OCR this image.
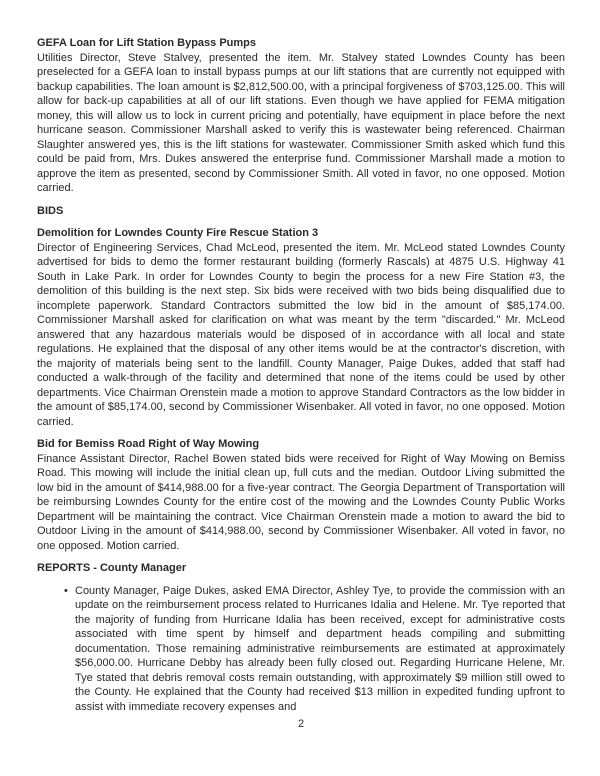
GEFA Loan for Lift Station Bypass Pumps
Utilities Director, Steve Stalvey, presented the item. Mr. Stalvey stated Lowndes County has been preselected for a GEFA loan to install bypass pumps at our lift stations that are currently not equipped with backup capabilities. The loan amount is $2,812,500.00, with a principal forgiveness of $703,125.00. This will allow for back-up capabilities at all of our lift stations. Even though we have applied for FEMA mitigation money, this will allow us to lock in current pricing and potentially, have equipment in place before the next hurricane season. Commissioner Marshall asked to verify this is wastewater being referenced. Chairman Slaughter answered yes, this is the lift stations for wastewater. Commissioner Smith asked which fund this could be paid from, Mrs. Dukes answered the enterprise fund. Commissioner Marshall made a motion to approve the item as presented, second by Commissioner Smith. All voted in favor, no one opposed. Motion carried.
BIDS
Demolition for Lowndes County Fire Rescue Station 3
Director of Engineering Services, Chad McLeod, presented the item. Mr. McLeod stated Lowndes County advertised for bids to demo the former restaurant building (formerly Rascals) at 4875 U.S. Highway 41 South in Lake Park. In order for Lowndes County to begin the process for a new Fire Station #3, the demolition of this building is the next step. Six bids were received with two bids being disqualified due to incomplete paperwork. Standard Contractors submitted the low bid in the amount of $85,174.00. Commissioner Marshall asked for clarification on what was meant by the term "discarded." Mr. McLeod answered that any hazardous materials would be disposed of in accordance with all local and state regulations. He explained that the disposal of any other items would be at the contractor's discretion, with the majority of materials being sent to the landfill. County Manager, Paige Dukes, added that staff had conducted a walk-through of the facility and determined that none of the items could be used by other departments. Vice Chairman Orenstein made a motion to approve Standard Contractors as the low bidder in the amount of $85,174.00, second by Commissioner Wisenbaker. All voted in favor, no one opposed. Motion carried.
Bid for Bemiss Road Right of Way Mowing
Finance Assistant Director, Rachel Bowen stated bids were received for Right of Way Mowing on Bemiss Road. This mowing will include the initial clean up, full cuts and the median. Outdoor Living submitted the low bid in the amount of $414,988.00 for a five-year contract. The Georgia Department of Transportation will be reimbursing Lowndes County for the entire cost of the mowing and the Lowndes County Public Works Department will be maintaining the contract. Vice Chairman Orenstein made a motion to award the bid to Outdoor Living in the amount of $414,988.00, second by Commissioner Wisenbaker. All voted in favor, no one opposed. Motion carried.
REPORTS - County Manager
• County Manager, Paige Dukes, asked EMA Director, Ashley Tye, to provide the commission with an update on the reimbursement process related to Hurricanes Idalia and Helene. Mr. Tye reported that the majority of funding from Hurricane Idalia has been received, except for administrative costs associated with time spent by himself and department heads compiling and submitting documentation. Those remaining administrative reimbursements are estimated at approximately $56,000.00. Hurricane Debby has already been fully closed out. Regarding Hurricane Helene, Mr. Tye stated that debris removal costs remain outstanding, with approximately $9 million still owed to the County. He explained that the County had received $13 million in expedited funding upfront to assist with immediate recovery expenses and
2
